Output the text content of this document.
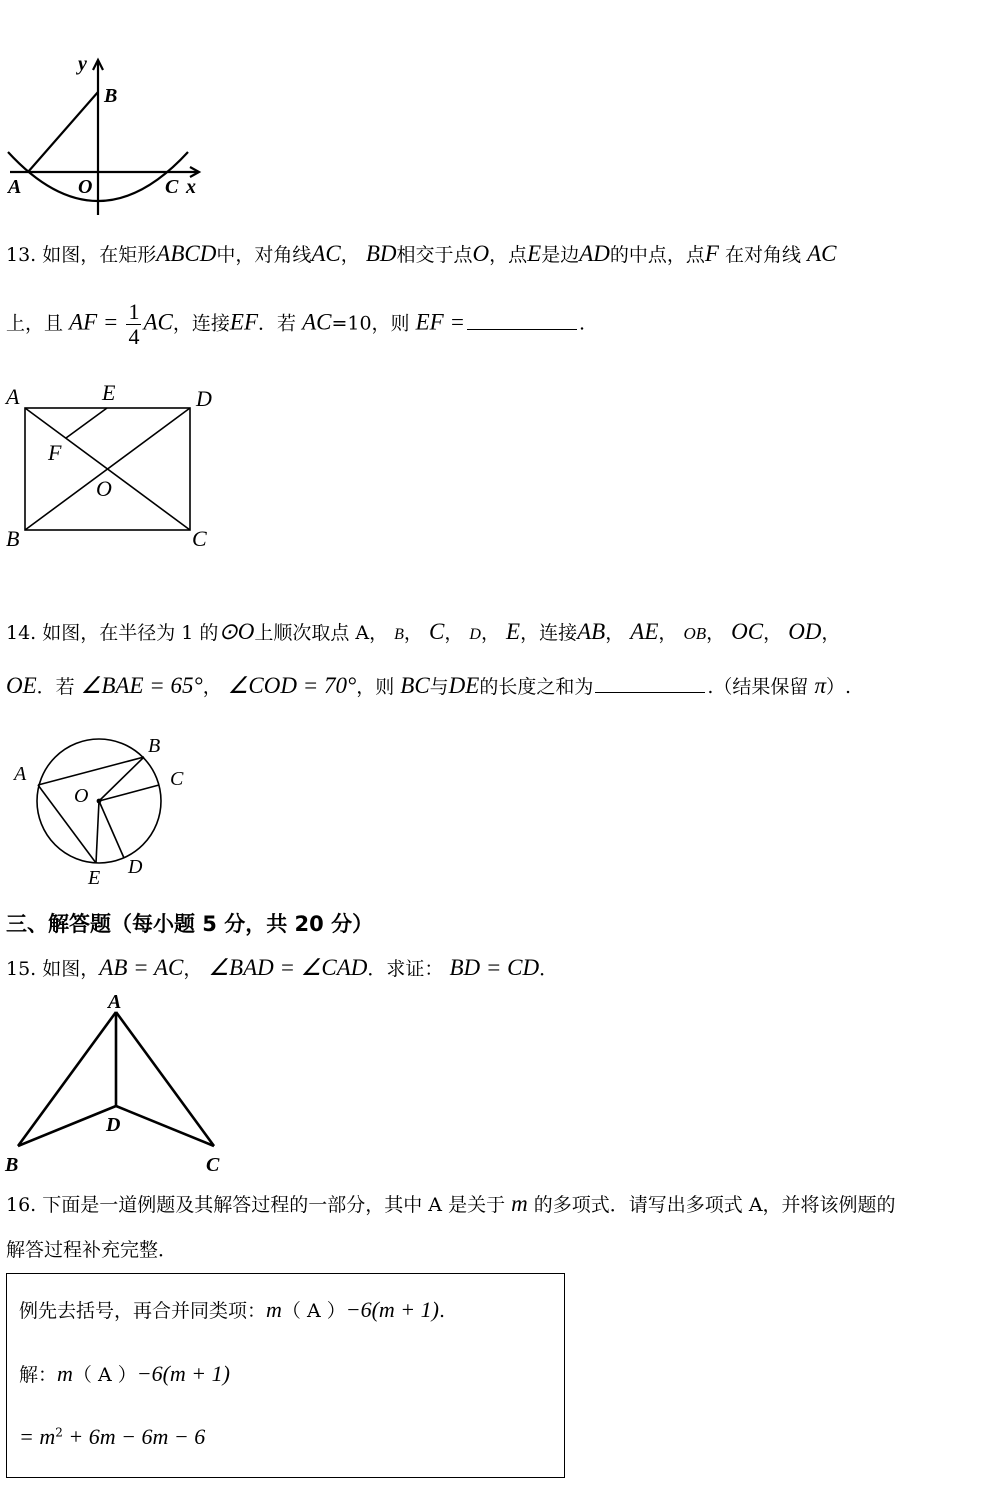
y
B
A	O	C x
13. 如图，在矩形ABCD中，对角线AC， BD相交于点O，点E是边AD的中点，点F 在对角线 AC
上，且 AF = $\frac{1}{4}$ AC，连接EF．若 AC=10，则 EF =	.
A	E	D
F
O
B	C
14. 如图，在半径为 1 的⊙O上顺次取点 A， B， C， D， E，连接AB， AE， OB， OC， OD，
OE．若 ∠BAE = 65°， ∠COD = 70°，则 BC与DE的长度之和为	.（结果保留 π）.
A
B
C
O
E D
三、解答题（每小题 5 分，共 20 分）
15. 如图，AB = AC， ∠BAD = ∠CAD．求证： BD = CD．
A
D
B	C
16. 下面是一道例题及其解答过程的一部分，其中 A 是关于 m 的多项式．请写出多项式 A，并将该例题的
解答过程补充完整．
例先去括号，再合并同类项：m（ A ）−6(m + 1).
解：m（ A ）−6(m + 1)
= $m^2 + 6m - 6m - 6$
